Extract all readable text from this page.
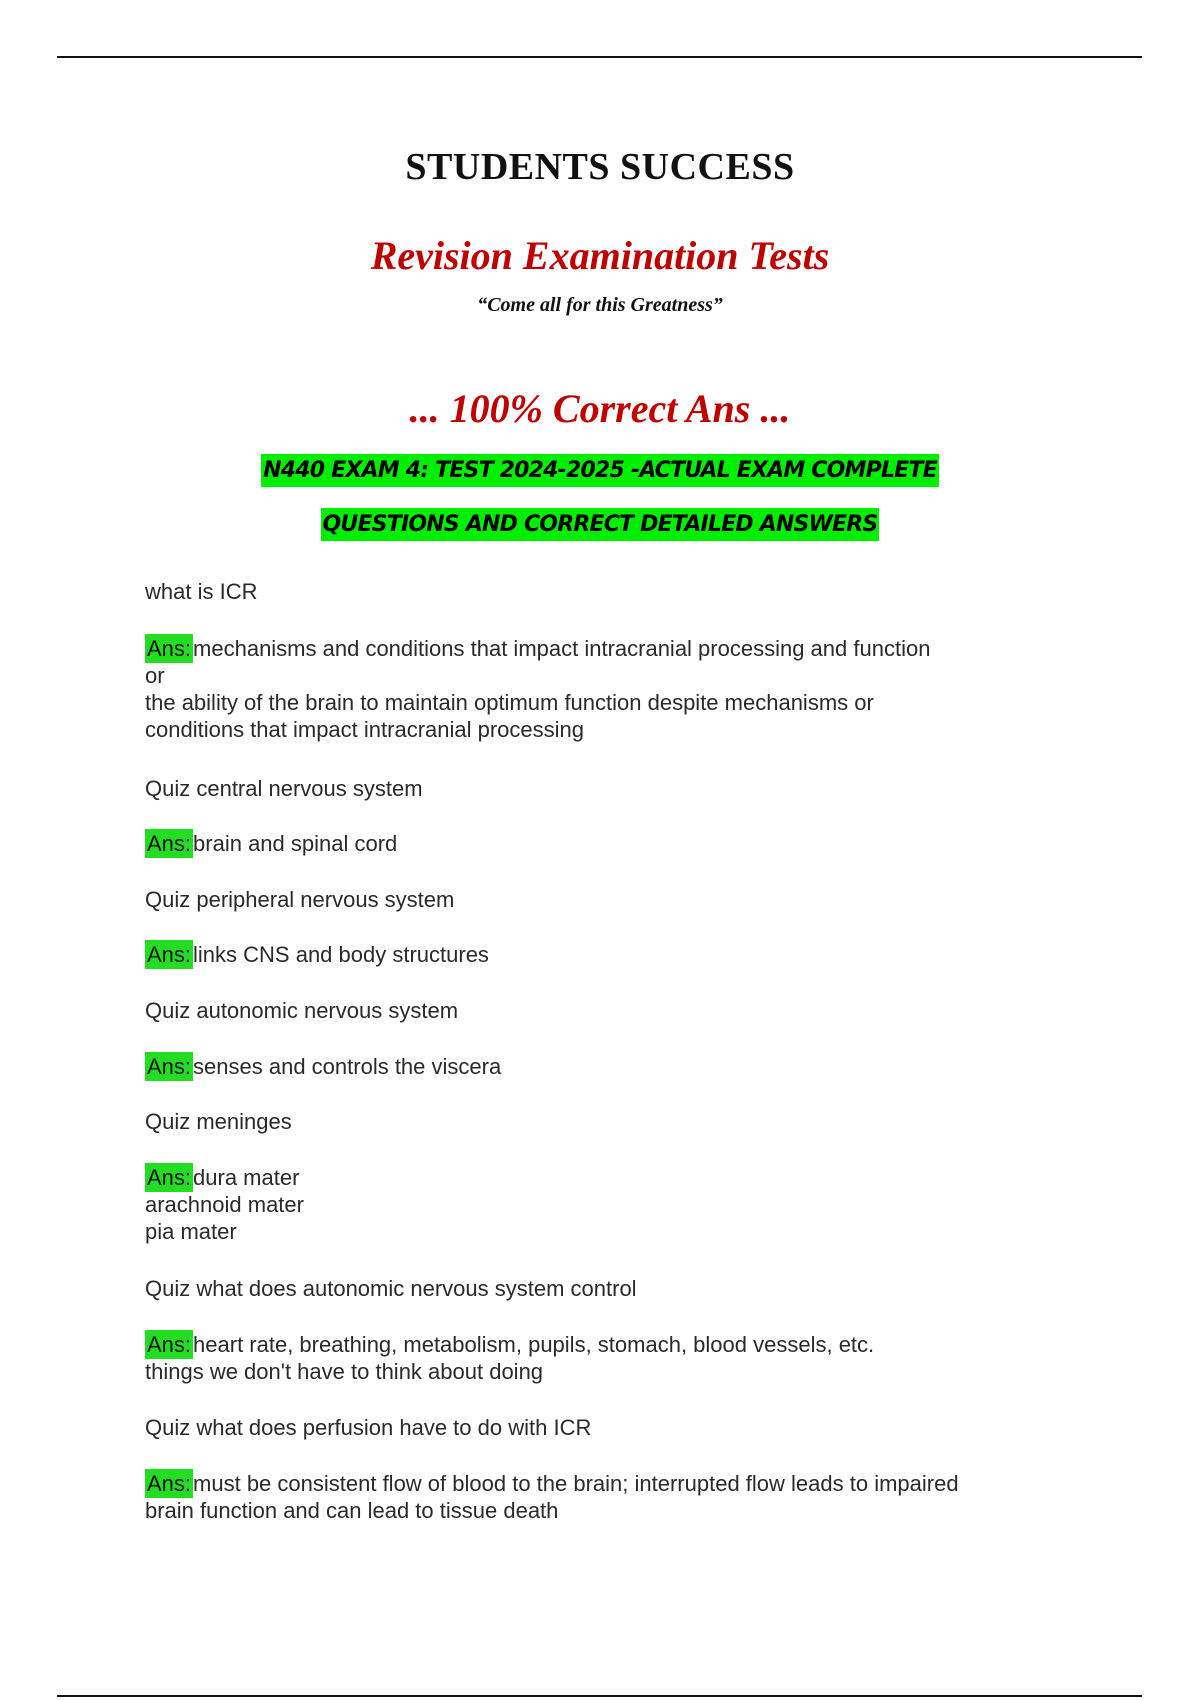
STUDENTS SUCCESS
Revision Examination Tests
“Come all for this Greatness”
... 100% Correct Ans ...
N440 EXAM 4: TEST 2024-2025 -ACTUAL EXAM COMPLETE
QUESTIONS AND CORRECT DETAILED ANSWERS
what is ICR
Ans:mechanisms and conditions that impact intracranial processing and function
or
the ability of the brain to maintain optimum function despite mechanisms or
conditions that impact intracranial processing
Quiz central nervous system
Ans:brain and spinal cord
Quiz peripheral nervous system
Ans:links CNS and body structures
Quiz autonomic nervous system
Ans:senses and controls the viscera
Quiz meninges
Ans:dura mater
arachnoid mater
pia mater
Quiz what does autonomic nervous system control
Ans:heart rate, breathing, metabolism, pupils, stomach, blood vessels, etc.
things we don't have to think about doing
Quiz what does perfusion have to do with ICR
Ans:must be consistent flow of blood to the brain; interrupted flow leads to impaired
brain function and can lead to tissue death
